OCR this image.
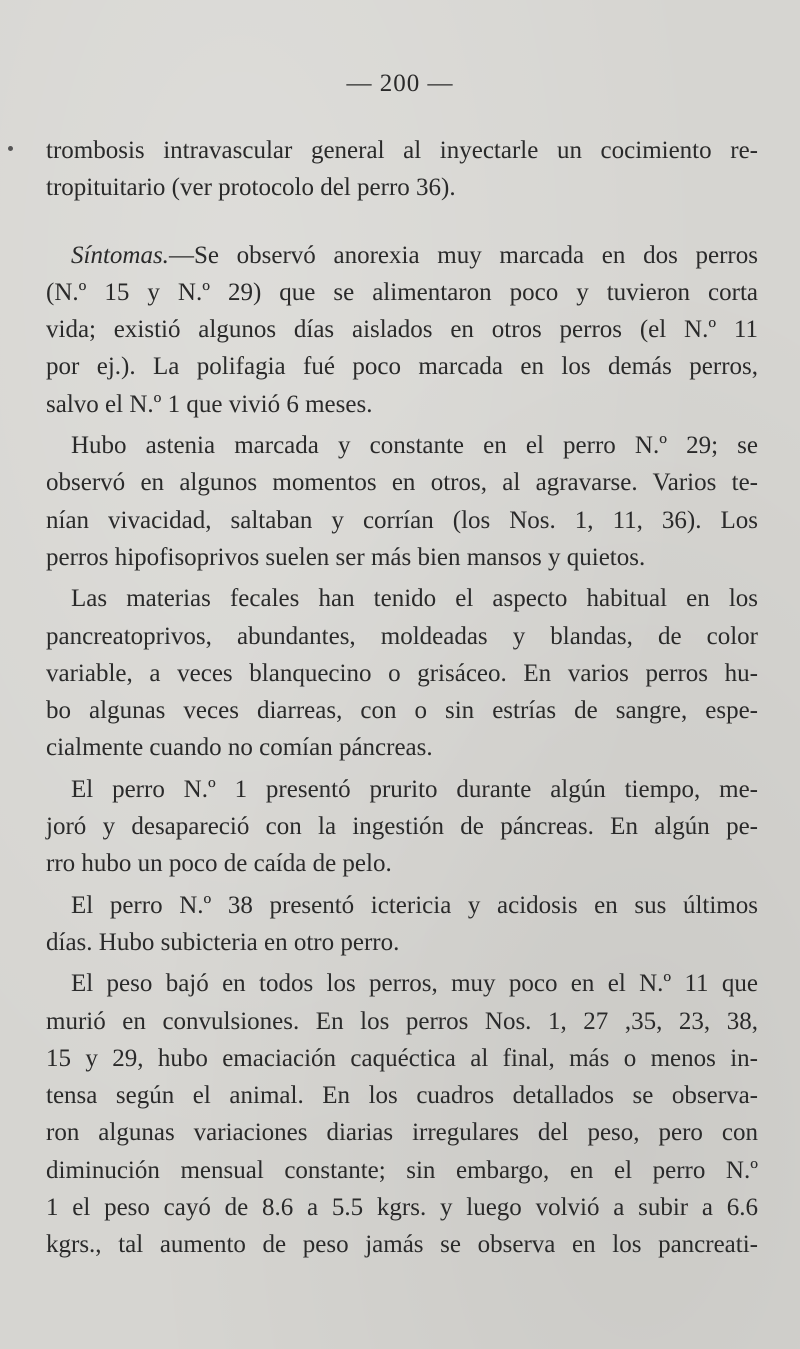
— 200 —
trombosis intravascular general al inyectarle un cocimiento re-
tropituitario (ver protocolo del perro 36).
Síntomas.—Se observó anorexia muy marcada en dos perros
(N.º 15 y N.º 29) que se alimentaron poco y tuvieron corta
vida; existió algunos días aislados en otros perros (el N.º 11
por ej.). La polifagia fué poco marcada en los demás perros,
salvo el N.º 1 que vivió 6 meses.
Hubo astenia marcada y constante en el perro N.º 29; se
observó en algunos momentos en otros, al agravarse. Varios te-
nían vivacidad, saltaban y corrían (los Nos. 1, 11, 36). Los
perros hipofisoprivos suelen ser más bien mansos y quietos.
Las materias fecales han tenido el aspecto habitual en los
pancreatoprivos, abundantes, moldeadas y blandas, de color
variable, a veces blanquecino o grisáceo. En varios perros hu-
bo algunas veces diarreas, con o sin estrías de sangre, espe-
cialmente cuando no comían páncreas.
El perro N.º 1 presentó prurito durante algún tiempo, me-
joró y desapareció con la ingestión de páncreas. En algún pe-
rro hubo un poco de caída de pelo.
El perro N.º 38 presentó ictericia y acidosis en sus últimos
días. Hubo subicteria en otro perro.
El peso bajó en todos los perros, muy poco en el N.º 11 que
murió en convulsiones. En los perros Nos. 1, 27 ,35, 23, 38,
15 y 29, hubo emaciación caquéctica al final, más o menos in-
tensa según el animal. En los cuadros detallados se observa-
ron algunas variaciones diarias irregulares del peso, pero con
diminución mensual constante; sin embargo, en el perro N.º
1 el peso cayó de 8.6 a 5.5 kgrs. y luego volvió a subir a 6.6
kgrs., tal aumento de peso jamás se observa en los pancreati-
